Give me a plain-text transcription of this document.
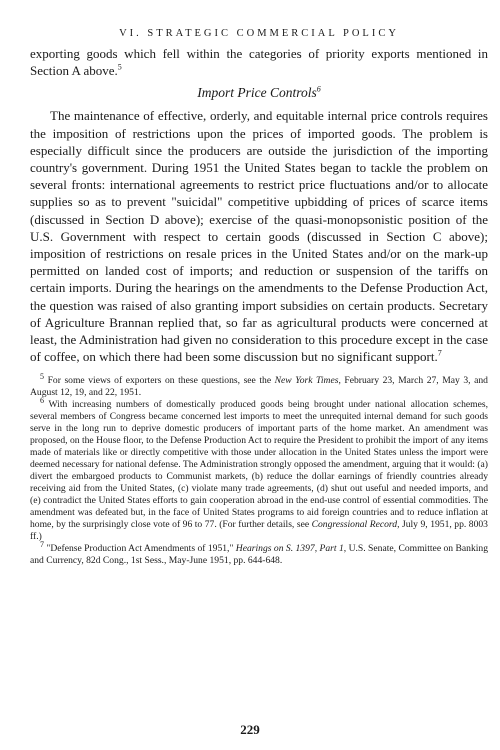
VI. STRATEGIC COMMERCIAL POLICY

exporting goods which fell within the categories of priority exports mentioned in Section A above.$^5$

Import Price Controls$^6$

The maintenance of effective, orderly, and equitable internal price controls requires the imposition of restrictions upon the prices of imported goods. The problem is especially difficult since the producers are outside the jurisdiction of the importing country's government. During 1951 the United States began to tackle the problem on several fronts: international agreements to restrict price fluctuations and/or to allocate supplies so as to prevent "suicidal" competitive upbidding of prices of scarce items (discussed in Section D above); exercise of the quasi-monopsonistic position of the U.S. Government with respect to certain goods (discussed in Section C above); imposition of restrictions on resale prices in the United States and/or on the mark-up permitted on landed cost of imports; and reduction or suspension of the tariffs on certain imports. During the hearings on the amendments to the Defense Production Act, the question was raised of also granting import subsidies on certain products. Secretary of Agriculture Brannan replied that, so far as agricultural products were concerned at least, the Administration had given no consideration to this procedure except in the case of coffee, on which there had been some discussion but no significant support.$^7$

$^5$ For some views of exporters on these questions, see the New York Times, February 23, March 27, May 3, and August 12, 19, and 22, 1951.

$^6$ With increasing numbers of domestically produced goods being brought under national allocation schemes, several members of Congress became concerned lest imports to meet the unrequited internal demand for such goods serve in the long run to deprive domestic producers of important parts of the home market. An amendment was proposed, on the House floor, to the Defense Production Act to require the President to prohibit the import of any items made of materials like or directly competitive with those under allocation in the United States unless the import were deemed necessary for national defense. The Administration strongly opposed the amendment, arguing that it would: (a) divert the embargoed products to Communist markets, (b) reduce the dollar earnings of friendly countries already receiving aid from the United States, (c) violate many trade agreements, (d) shut out useful and needed imports, and (e) contradict the United States efforts to gain cooperation abroad in the end-use control of essential commodities. The amendment was defeated but, in the face of United States programs to aid foreign countries and to reduce inflation at home, by the surprisingly close vote of 96 to 77. (For further details, see Congressional Record, July 9, 1951, pp. 8003 ff.)

$^7$ "Defense Production Act Amendments of 1951," Hearings on S. 1397, Part 1, U.S. Senate, Committee on Banking and Currency, 82d Cong., 1st Sess., May-June 1951, pp. 644-648.

229
